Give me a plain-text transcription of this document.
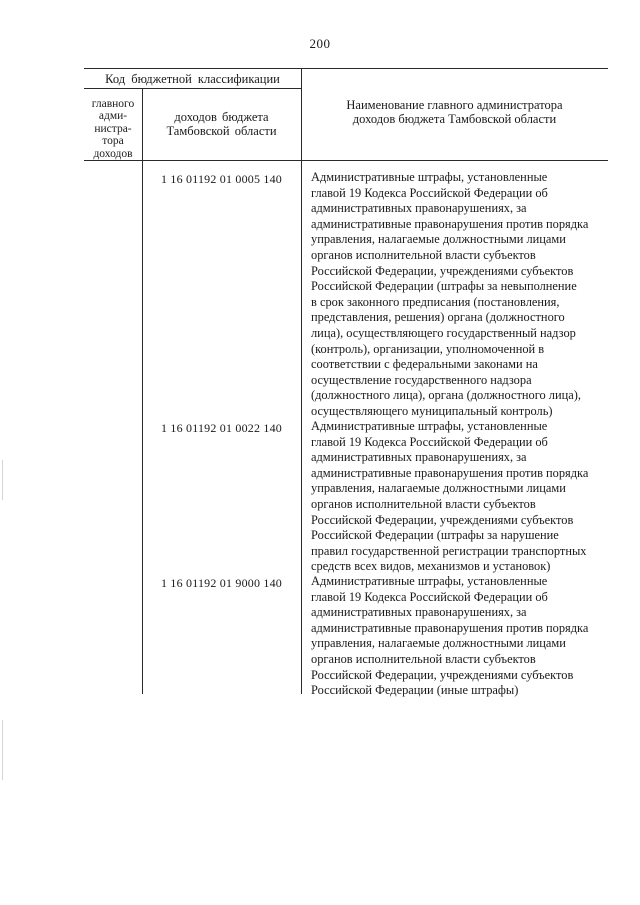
200
Код бюджетной классификации
главного
адми-
нистра-
тора
доходов
доходов бюджета
Тамбовской области
Наименование главного администратора
доходов бюджета Тамбовской области
1 16 01192 01 0005 140	Административные штрафы, установленные
главой 19 Кодекса Российской Федерации об
административных правонарушениях, за
административные правонарушения против порядка
управления, налагаемые должностными лицами
органов исполнительной власти субъектов
Российской Федерации, учреждениями субъектов
Российской Федерации (штрафы за невыполнение
в срок законного предписания (постановления,
представления, решения) органа (должностного
лица), осуществляющего государственный надзор
(контроль), организации, уполномоченной в
соответствии с федеральными законами на
осуществление государственного надзора
(должностного лица), органа (должностного лица),
осуществляющего муниципальный контроль)
1 16 01192 01 0022 140	Административные штрафы, установленные
главой 19 Кодекса Российской Федерации об
административных правонарушениях, за
административные правонарушения против порядка
управления, налагаемые должностными лицами
органов исполнительной власти субъектов
Российской Федерации, учреждениями субъектов
Российской Федерации (штрафы за нарушение
правил государственной регистрации транспортных
средств всех видов, механизмов и установок)
1 16 01192 01 9000 140	Административные штрафы, установленные
главой 19 Кодекса Российской Федерации об
административных правонарушениях, за
административные правонарушения против порядка
управления, налагаемые должностными лицами
органов исполнительной власти субъектов
Российской Федерации, учреждениями субъектов
Российской Федерации (иные штрафы)
